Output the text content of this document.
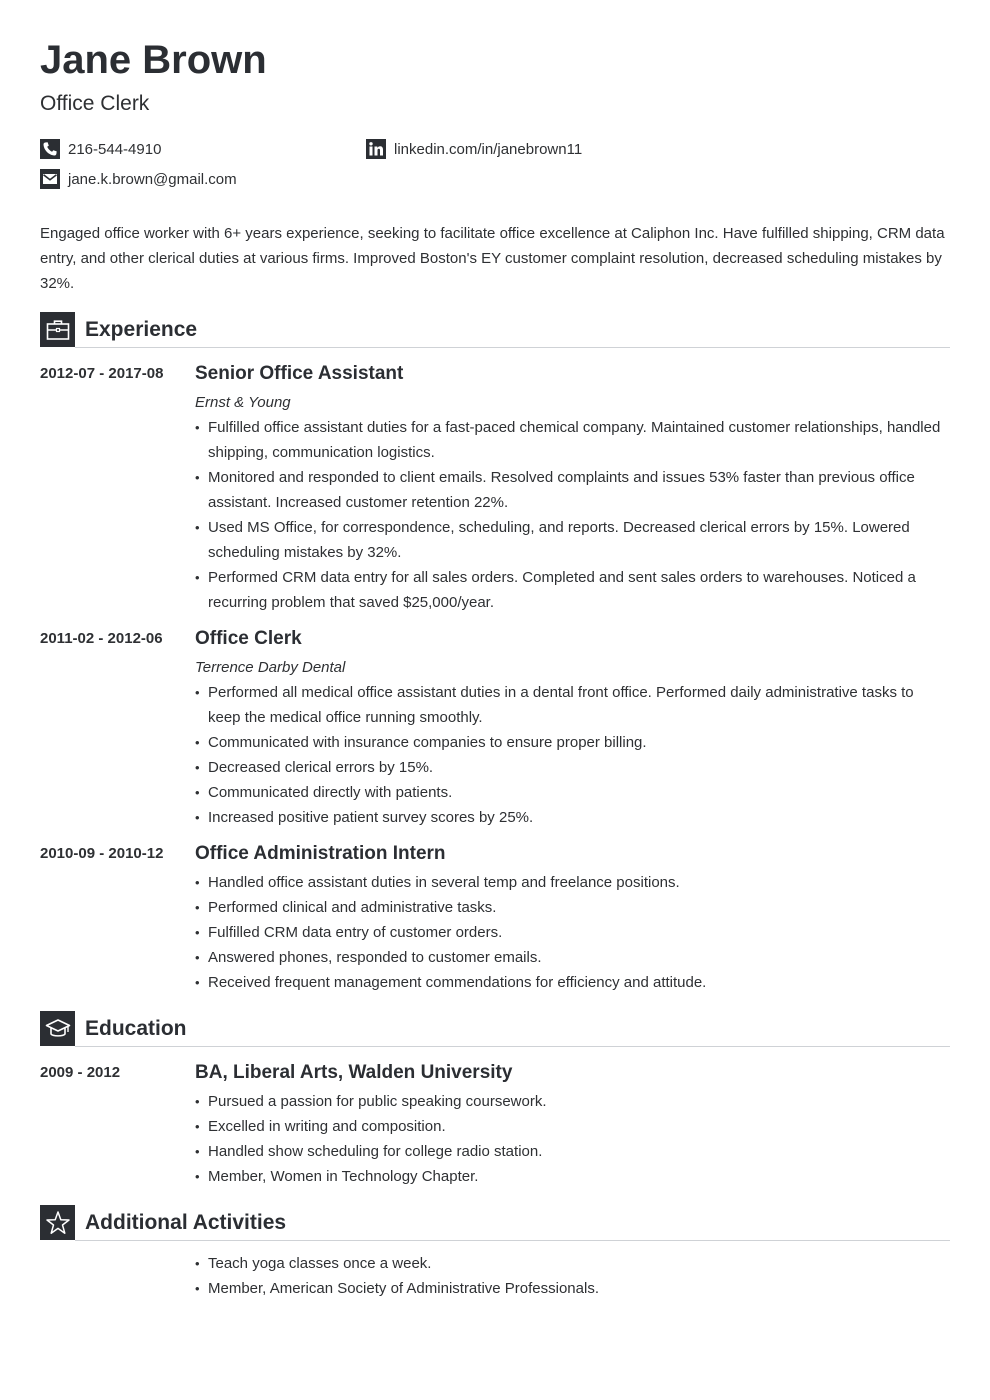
Jane Brown
Office Clerk
216-544-4910	linkedin.com/in/janebrown11
jane.k.brown@gmail.com
Engaged office worker with 6+ years experience, seeking to facilitate office excellence at Caliphon Inc. Have fulfilled shipping, CRM data entry, and other clerical duties at various firms. Improved Boston's EY customer complaint resolution, decreased scheduling mistakes by 32%.
Experience
2012-07 - 2017-08 Senior Office Assistant
Ernst & Young
• Fulfilled office assistant duties for a fast-paced chemical company. Maintained customer relationships, handled shipping, communication logistics.
• Monitored and responded to client emails. Resolved complaints and issues 53% faster than previous office assistant. Increased customer retention 22%.
• Used MS Office, for correspondence, scheduling, and reports. Decreased clerical errors by 15%. Lowered scheduling mistakes by 32%.
• Performed CRM data entry for all sales orders. Completed and sent sales orders to warehouses. Noticed a recurring problem that saved $25,000/year.
2011-02 - 2012-06 Office Clerk
Terrence Darby Dental
• Performed all medical office assistant duties in a dental front office. Performed daily administrative tasks to keep the medical office running smoothly.
• Communicated with insurance companies to ensure proper billing.
• Decreased clerical errors by 15%.
• Communicated directly with patients.
• Increased positive patient survey scores by 25%.
2010-09 - 2010-12 Office Administration Intern
• Handled office assistant duties in several temp and freelance positions.
• Performed clinical and administrative tasks.
• Fulfilled CRM data entry of customer orders.
• Answered phones, responded to customer emails.
• Received frequent management commendations for efficiency and attitude.
Education
2009 - 2012	BA, Liberal Arts, Walden University
• Pursued a passion for public speaking coursework.
• Excelled in writing and composition.
• Handled show scheduling for college radio station.
• Member, Women in Technology Chapter.
Additional Activities
• Teach yoga classes once a week.
• Member, American Society of Administrative Professionals.
